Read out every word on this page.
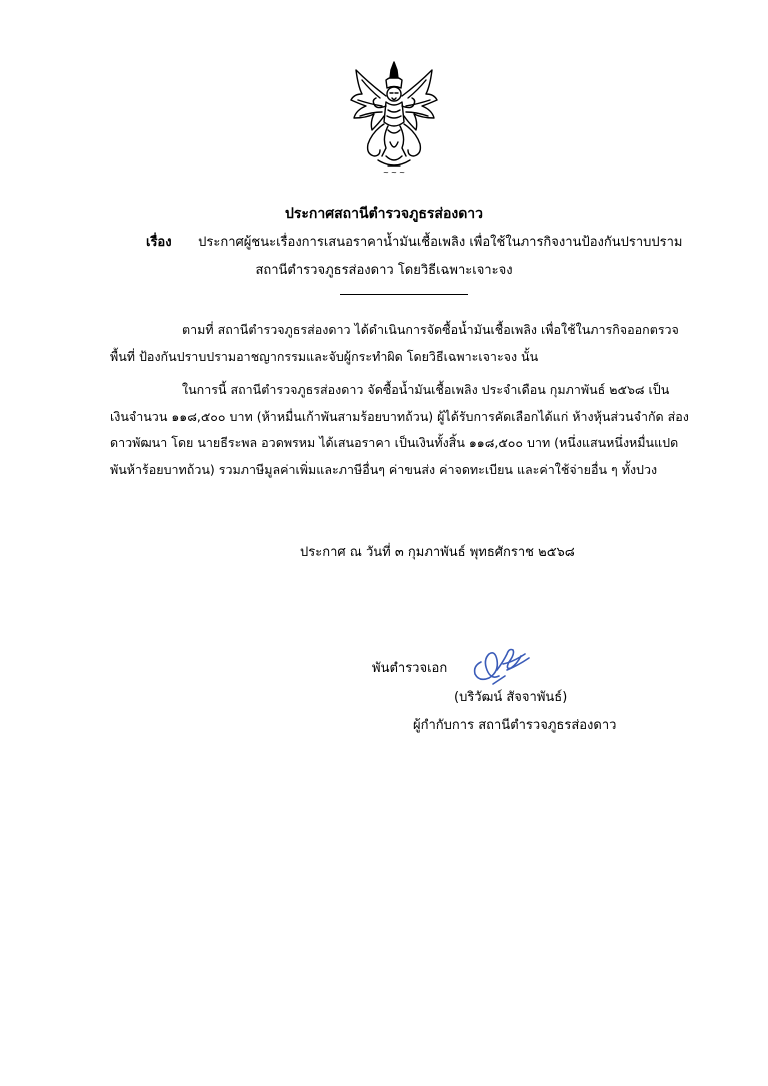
~ ~ ~
ประกาศสถานีตำรวจภูธรส่องดาว
เรื่อง ประกาศผู้ชนะเรื่องการเสนอราคาน้ำมันเชื้อเพลิง เพื่อใช้ในภารกิจงานป้องกันปราบปราม
สถานีตำรวจภูธรส่องดาว โดยวิธีเฉพาะเจาะจง
ตามที่ สถานีตำรวจภูธรส่องดาว ได้ดำเนินการจัดซื้อน้ำมันเชื้อเพลิง เพื่อใช้ในภารกิจออกตรวจ
พื้นที่ ป้องกันปราบปรามอาชญากรรมและจับผู้กระทำผิด โดยวิธีเฉพาะเจาะจง นั้น
ในการนี้ สถานีตำรวจภูธรส่องดาว จัดซื้อน้ำมันเชื้อเพลิง ประจำเดือน กุมภาพันธ์ ๒๕๖๘ เป็น
เงินจำนวน ๑๑๘,๕๐๐ บาท (ห้าหมื่นเก้าพันสามร้อยบาทถ้วน) ผู้ได้รับการคัดเลือกได้แก่ ห้างหุ้นส่วนจำกัด ส่อง
ดาวพัฒนา โดย นายธีระพล อวดพรหม ได้เสนอราคา เป็นเงินทั้งสิ้น ๑๑๘,๕๐๐ บาท (หนึ่งแสนหนึ่งหมื่นแปด
พันห้าร้อยบาทถ้วน) รวมภาษีมูลค่าเพิ่มและภาษีอื่นๆ ค่าขนส่ง ค่าจดทะเบียน และค่าใช้จ่ายอื่น ๆ ทั้งปวง
ประกาศ ณ วันที่ ๓ กุมภาพันธ์ พุทธศักราช ๒๕๖๘
พันตำรวจเอก
(บริวัฒน์ สัจจาพันธ์)
ผู้กำกับการ สถานีตำรวจภูธรส่องดาว
